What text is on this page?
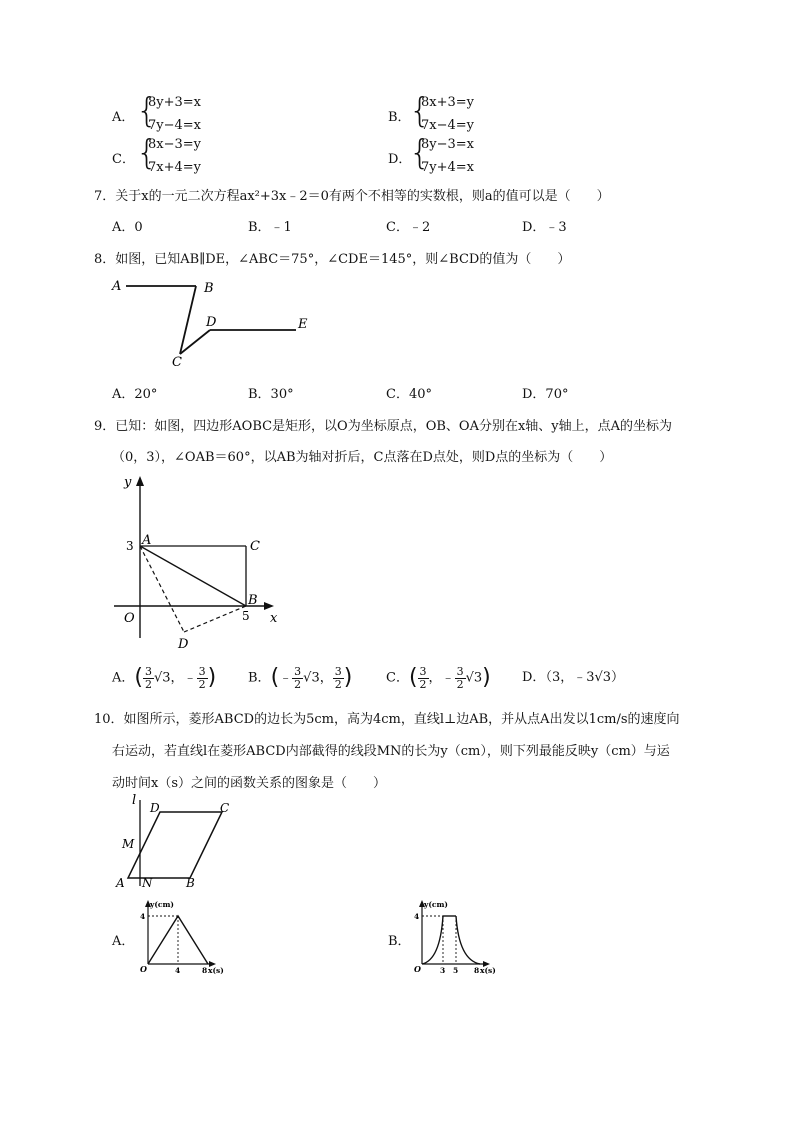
A． {
8y+3=x
7y−4=x
B．
{
8x+3=y
7x−4=y
C． {
8x−3=y
7x+4=y
D．
{
8y−3=x
7y+4=x
7．关于x的一元二次方程ax²+3x﹣2＝0有两个不相等的实数根，则a的值可以是（　　）
A．0	B．﹣1	C．﹣2	D．﹣3
8．如图，已知AB∥DE，∠ABC＝75°，∠CDE＝145°，则∠BCD的值为（　　）
A	B
C
D	E
A．20°	B．30°	C．40°	D．70°
9．已知：如图，四边形AOBC是矩形，以O为坐标原点，OB、OA分别在x轴、y轴上，点A的坐标为
（0，3），∠OAB＝60°，以AB为轴对折后，C点落在D点处，则D点的坐标为（　　）
y
x
O
A
B
C
D
3
5
A．( $\frac{3}{2} √3$，﹣ $\frac{3}{2}$ ) B．(﹣ $\frac{3}{2} √3$， $\frac{3}{2}$ )	C．( $\frac{3}{2}$ ，﹣ $\frac{3}{2} √3$) D．（3，﹣3√3）
10．如图所示，菱形ABCD的边长为5cm，高为4cm，直线l⊥边AB，并从点A出发以1cm/s的速度向
右运动，若直线l在菱形ABCD内部截得的线段MN的长为y（cm），则下列最能反映y（cm）与运
动时间x（s）之间的函数关系的图象是（　　）
l
A N	B
C
D
M
A．
y(cm)
4
O	4	8 x(s)
B．
y(cm)
4
O	3 5 8 x(s)
